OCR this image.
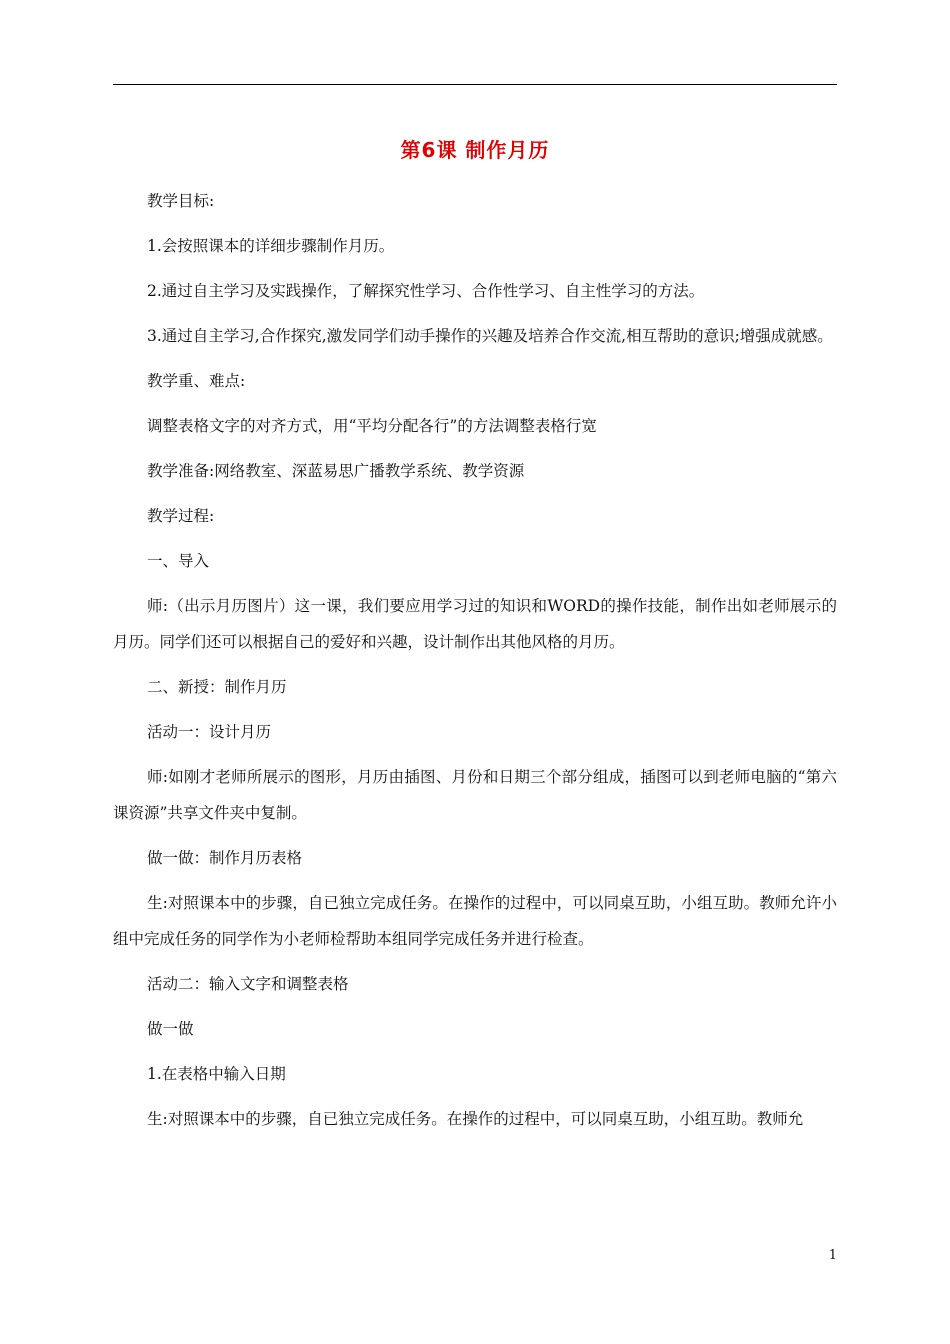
第6课 制作月历

教学目标:

1.会按照课本的详细步骤制作月历。

2.通过自主学习及实践操作，了解探究性学习、合作性学习、自主性学习的方法。

3.通过自主学习,合作探究,激发同学们动手操作的兴趣及培养合作交流,相互帮助的意识;增强成就感。

教学重、难点:

调整表格文字的对齐方式，用“平均分配各行”的方法调整表格行宽

教学准备:网络教室、深蓝易思广播教学系统、教学资源

教学过程:

一、导入

师:（出示月历图片）这一课，我们要应用学习过的知识和WORD的操作技能，制作出如老师展示的月历。同学们还可以根据自己的爱好和兴趣，设计制作出其他风格的月历。

二、新授：制作月历

活动一：设计月历

师:如刚才老师所展示的图形，月历由插图、月份和日期三个部分组成，插图可以到老师电脑的“第六课资源”共享文件夹中复制。

做一做：制作月历表格

生:对照课本中的步骤，自已独立完成任务。在操作的过程中，可以同桌互助，小组互助。教师允许小组中完成任务的同学作为小老师检帮助本组同学完成任务并进行检查。

活动二：输入文字和调整表格

做一做

1.在表格中输入日期

生:对照课本中的步骤，自已独立完成任务。在操作的过程中，可以同桌互助，小组互助。教师允

1
